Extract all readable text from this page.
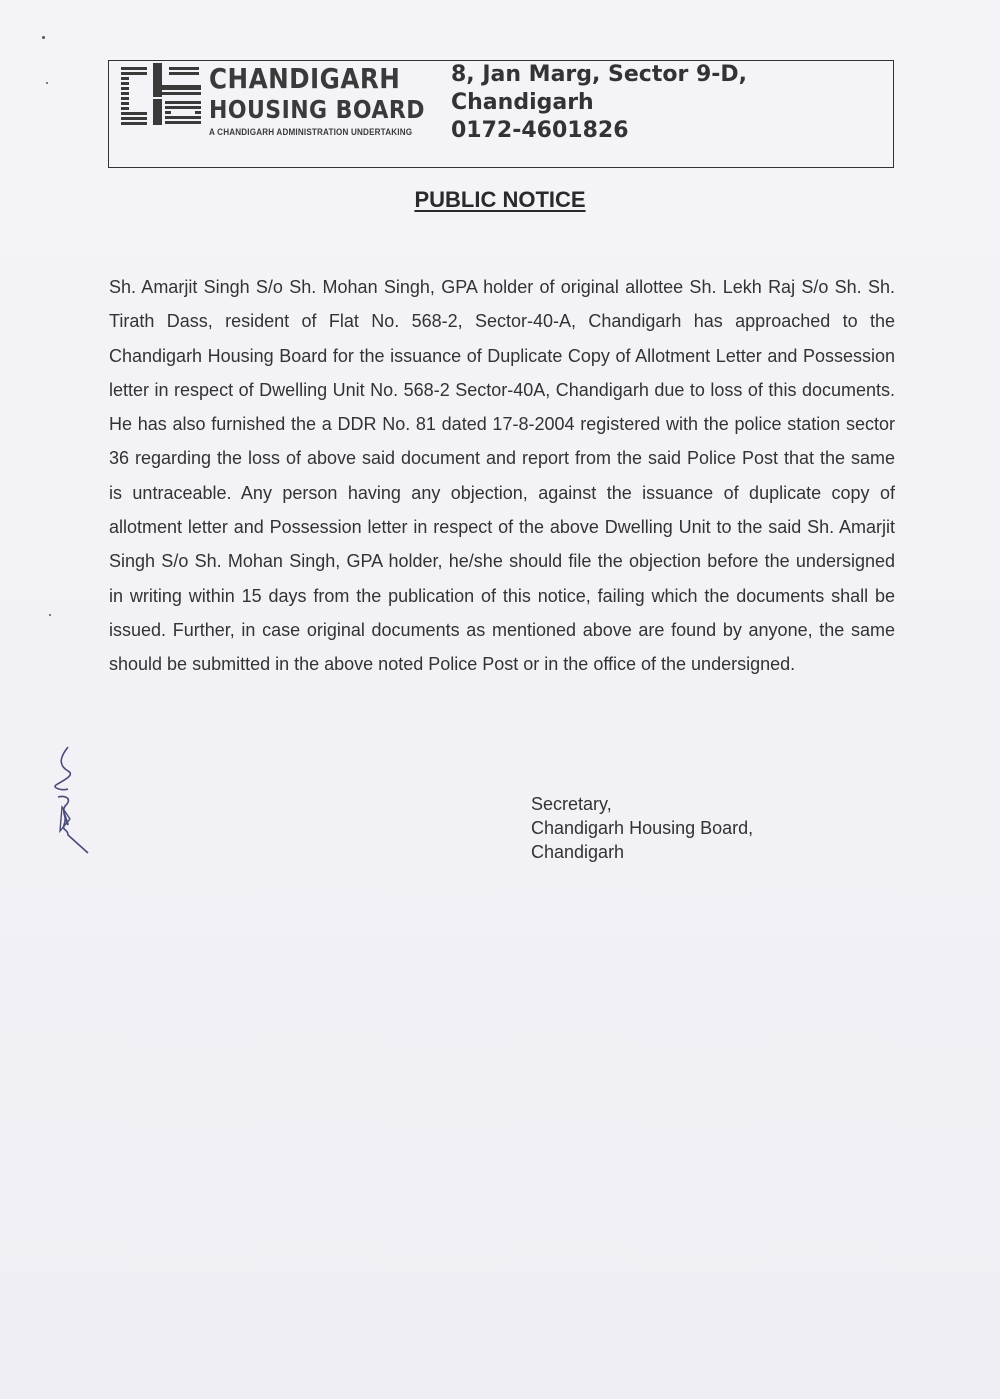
CHANDIGARH
HOUSING BOARD
A CHANDIGARH ADMINISTRATION UNDERTAKING
8, Jan Marg, Sector 9-D,
Chandigarh
0172-4601826
PUBLIC NOTICE
Sh. Amarjit Singh S/o Sh. Mohan Singh, GPA holder of original allottee Sh. Lekh Raj S/o Sh. Sh. Tirath Dass, resident of Flat No. 568-2, Sector-40-A, Chandigarh has approached to the Chandigarh Housing Board for the issuance of Duplicate Copy of Allotment Letter and Possession letter in respect of Dwelling Unit No. 568-2 Sector-40A, Chandigarh due to loss of this documents. He has also furnished the a DDR No. 81 dated 17-8-2004 registered with the police station sector 36 regarding the loss of above said document and report from the said Police Post that the same is untraceable. Any person having any objection, against the issuance of duplicate copy of allotment letter and Possession letter in respect of the above Dwelling Unit to the said Sh. Amarjit Singh S/o Sh. Mohan Singh, GPA holder, he/she should file the objection before the undersigned in writing within 15 days from the publication of this notice, failing which the documents shall be issued. Further, in case original documents as mentioned above are found by anyone, the same should be submitted in the above noted Police Post or in the office of the undersigned.
Secretary,
Chandigarh Housing Board,
Chandigarh
